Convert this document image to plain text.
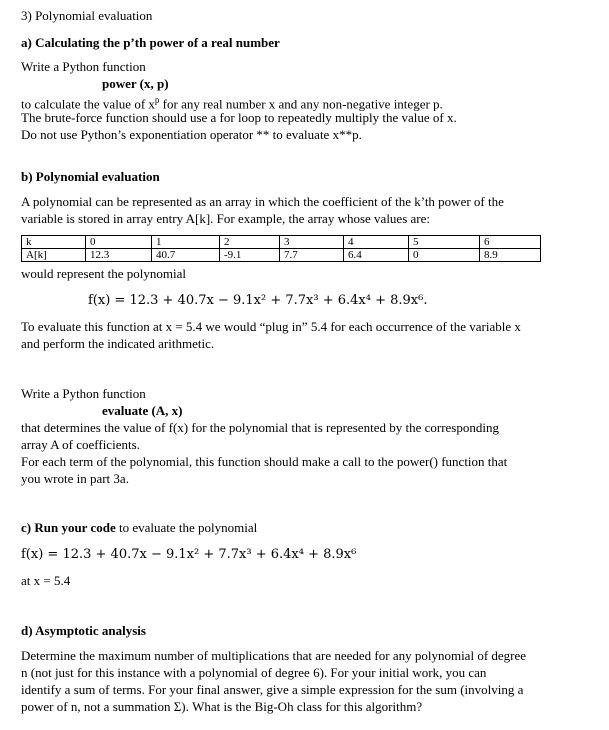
3) Polynomial evaluation
a) Calculating the p’th power of a real number
Write a Python function
power (x, p)
to calculate the value of $x^p$ for any real number x and any non-negative integer p.
The brute-force function should use a for loop to repeatedly multiply the value of x.
Do not use Python’s exponentiation operator ** to evaluate x**p.
b) Polynomial evaluation
A polynomial can be represented as an array in which the coefficient of the k’th power of the
variable is stored in array entry A[k]. For example, the array whose values are:
k	0	1	2	3	4	5	6
A[k]	12.3	40.7	-9.1	7.7	6.4	0	8.9
would represent the polynomial
f(x) = 12.3 + 40.7x − 9.1x² + 7.7x³ + 6.4x⁴ + 8.9x⁶.
To evaluate this function at x = 5.4 we would “plug in” 5.4 for each occurrence of the variable x
and perform the indicated arithmetic.
Write a Python function
evaluate (A, x)
that determines the value of f(x) for the polynomial that is represented by the corresponding
array A of coefficients.
For each term of the polynomial, this function should make a call to the power() function that
you wrote in part 3a.
c) Run your code to evaluate the polynomial
f(x) = 12.3 + 40.7x − 9.1x² + 7.7x³ + 6.4x⁴ + 8.9x⁶
at x = 5.4
d) Asymptotic analysis
Determine the maximum number of multiplications that are needed for any polynomial of degree
n (not just for this instance with a polynomial of degree 6). For your initial work, you can
identify a sum of terms. For your final answer, give a simple expression for the sum (involving a
power of n, not a summation Σ). What is the Big-Oh class for this algorithm?
